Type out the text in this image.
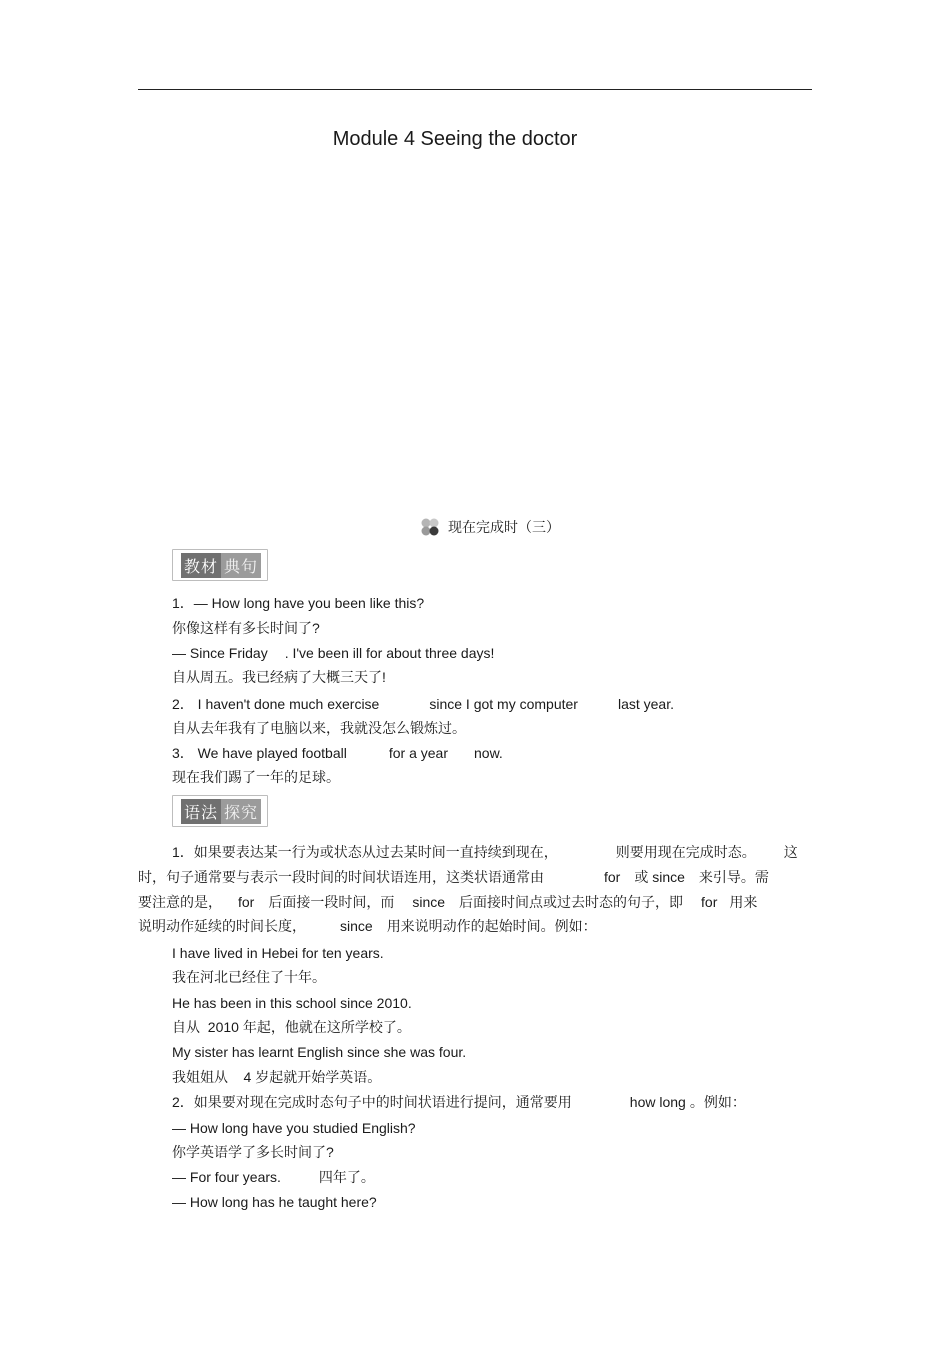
Module 4 Seeing the doctor
现在完成时（三）
教材 典句
1．— How long have you been like this?
你像这样有多长时间了?
— Since Friday . I've been ill for about three days!
自从周五。我已经病了大概三天了!
2． I haven't done much exercise	since I got my computer	last year.
自从去年我有了电脑以来，我就没怎么锻炼过。
3． We have played football	for a year now.
现在我们踢了一年的足球。
语法 探究
1．如果要表达某一行为或状态从过去某时间一直持续到现在，	则要用现在完成时态。 这
时，句子通常要与表示一段时间的时间状语连用，这类状语通常由	for 或 since 来引导。需
要注意的是， for 后面接一段时间，而 since 后面接时间点或过去时态的句子，即 for 用来
说明动作延续的时间长度， since 用来说明动作的起始时间。例如：
I have lived in Hebei for ten years.
我在河北已经住了十年。
He has been in this school since 2010.
自从  2010 年起，他就在这所学校了。
My sister has learnt English since she was four.
我姐姐从    4 岁起就开始学英语。
2．如果要对现在完成时态句子中的时间状语进行提问，通常要用	how long 。例如：
— How long have you studied English?
你学英语学了多长时间了?
— For four years.	四年了。
— How long has he taught here?
